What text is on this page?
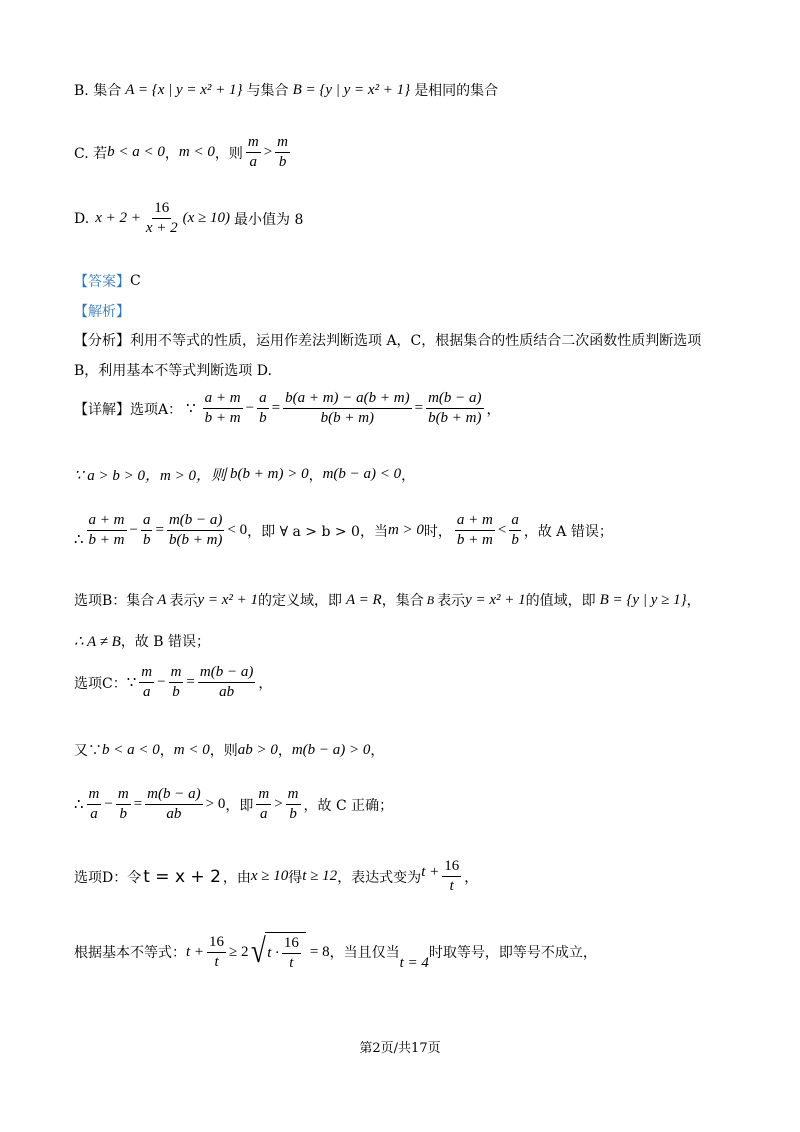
B. 集合 A = {x | y = x² + 1} 与集合 B = {y | y = x² + 1} 是相同的集合
C. 若 b < a < 0 ， m < 0 ，则 $\frac{m}{a} > \frac{m}{b}$
D. $x + 2 + \frac{16}{x + 2} (x \ge 10)$ 最小值为 8
【答案】 C
【解析】
【分析】利用不等式的性质，运用作差法判断选项 A，C，根据集合的性质结合二次函数性质判断选项
B，利用基本不等式判断选项 D.
【详解】选项A： ∵ $\frac{a + m}{b + m} - \frac{a}{b} = \frac{b(a + m) - a(b + m)}{b(b + m)} = \frac{m(b - a)}{b(b + m)}$ ，
∵ a > b > 0，m > 0，则 b(b + m) > 0 ， m(b − a) < 0 ，
∴ $\frac{a + m}{b + m} - \frac{a}{b} = \frac{m(b - a)}{b(b + m)} < 0$ ，即 ∀ a > b > 0，当 m > 0 时， $\frac{a + m}{b + m} < \frac{a}{b}$ ，故 A 错误；
选项B：集合 A 表示 y = x² + 1 的定义域，即 A = R ，集合 B 表示 y = x² + 1 的值域，即 B = {y | y ≥ 1} ，
∴ A ≠ B ，故 B 错误；
选项C： ∵ $\frac{m}{a} - \frac{m}{b} = \frac{m(b - a)}{ab}$ ，
又∵ b < a < 0 ， m < 0 ，则 ab > 0 ， m(b − a) > 0 ，
∴ $\frac{m}{a} - \frac{m}{b} = \frac{m(b - a)}{ab} > 0$ ，即 $\frac{m}{a} > \frac{m}{b}$ ，故 C 正确；
选项D：令 t = x + 2 ，由 x ≥ 10 得 t ≥ 12 ，表达式变为 $t + \frac{16}{t}$ ，
根据基本不等式： $t + \frac{16}{t} \ge 2$ √ $t \cdot \frac{16}{t} = 8$ ，当且仅当
t = 4
时取等号，即等号不成立，
第2页/共17页
